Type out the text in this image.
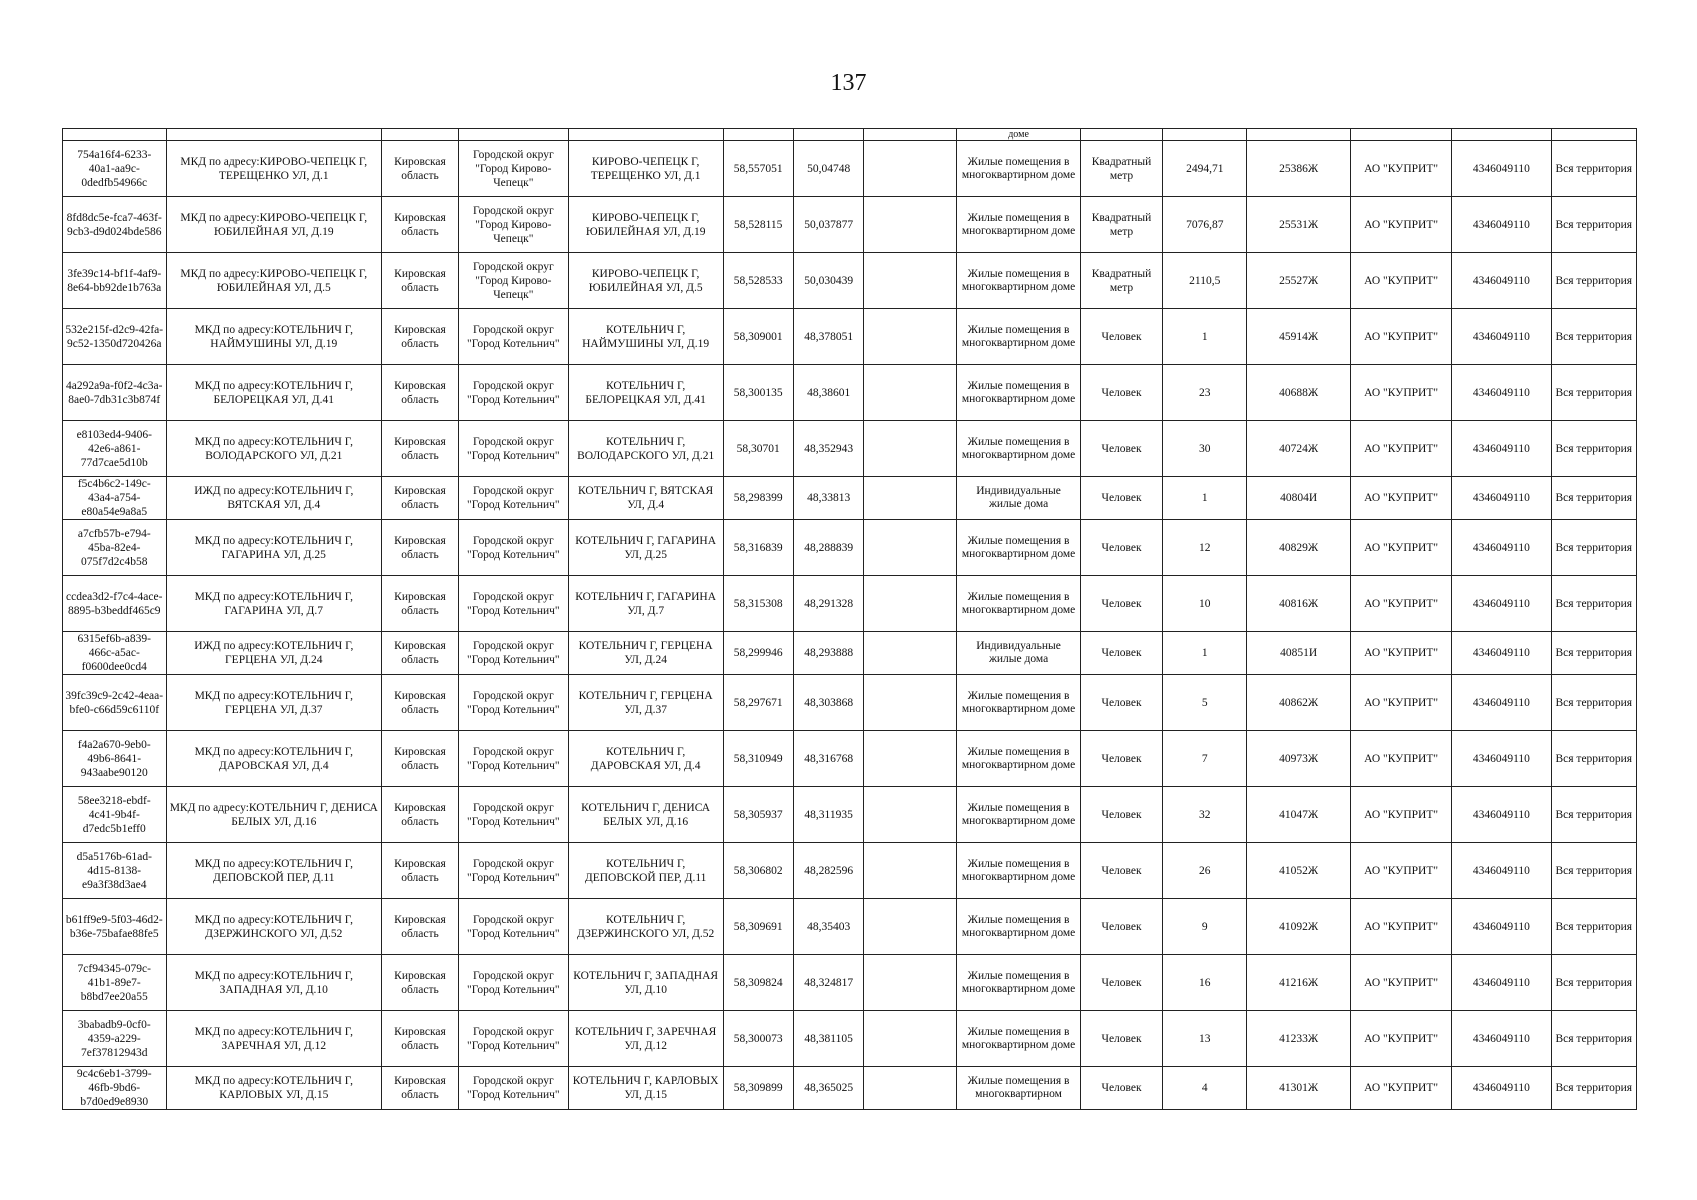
137
								доме						
754a16f4-6233-40a1-aa9c-0dedfb54966c	МКД по адресу:КИРОВО-ЧЕПЕЦК Г, ТЕРЕЩЕНКО УЛ, Д.1	Кировская область	Городской округ "Город Кирово-Чепецк"	КИРОВО-ЧЕПЕЦК Г, ТЕРЕЩЕНКО УЛ, Д.1	58,557051	50,04748		Жилые помещения в многоквартирном доме	Квадратный метр	2494,71	25386Ж	АО "КУПРИТ"	4346049110	Вся территория
8fd8dc5e-fca7-463f-9cb3-d9d024bde586	МКД по адресу:КИРОВО-ЧЕПЕЦК Г, ЮБИЛЕЙНАЯ УЛ, Д.19	Кировская область	Городской округ "Город Кирово-Чепецк"	КИРОВО-ЧЕПЕЦК Г, ЮБИЛЕЙНАЯ УЛ, Д.19	58,528115	50,037877		Жилые помещения в многоквартирном доме	Квадратный метр	7076,87	25531Ж	АО "КУПРИТ"	4346049110	Вся территория
3fe39c14-bf1f-4af9-8e64-bb92de1b763a	МКД по адресу:КИРОВО-ЧЕПЕЦК Г, ЮБИЛЕЙНАЯ УЛ, Д.5	Кировская область	Городской округ "Город Кирово-Чепецк"	КИРОВО-ЧЕПЕЦК Г, ЮБИЛЕЙНАЯ УЛ, Д.5	58,528533	50,030439		Жилые помещения в многоквартирном доме	Квадратный метр	2110,5	25527Ж	АО "КУПРИТ"	4346049110	Вся территория
532e215f-d2c9-42fa-9c52-1350d720426a	МКД по адресу:КОТЕЛЬНИЧ Г, НАЙМУШИНЫ УЛ, Д.19	Кировская область	Городской округ "Город Котельнич"	КОТЕЛЬНИЧ Г, НАЙМУШИНЫ УЛ, Д.19	58,309001	48,378051		Жилые помещения в многоквартирном доме	Человек	1	45914Ж	АО "КУПРИТ"	4346049110	Вся территория
4a292a9a-f0f2-4c3a-8ae0-7db31c3b874f	МКД по адресу:КОТЕЛЬНИЧ Г, БЕЛОРЕЦКАЯ УЛ, Д.41	Кировская область	Городской округ "Город Котельнич"	КОТЕЛЬНИЧ Г, БЕЛОРЕЦКАЯ УЛ, Д.41	58,300135	48,38601		Жилые помещения в многоквартирном доме	Человек	23	40688Ж	АО "КУПРИТ"	4346049110	Вся территория
e8103ed4-9406-42e6-a861-77d7cae5d10b	МКД по адресу:КОТЕЛЬНИЧ Г, ВОЛОДАРСКОГО УЛ, Д.21	Кировская область	Городской округ "Город Котельнич"	КОТЕЛЬНИЧ Г, ВОЛОДАРСКОГО УЛ, Д.21	58,30701	48,352943		Жилые помещения в многоквартирном доме	Человек	30	40724Ж	АО "КУПРИТ"	4346049110	Вся территория
f5c4b6c2-149c-43a4-a754-e80a54e9a8a5	ИЖД по адресу:КОТЕЛЬНИЧ Г, ВЯТСКАЯ УЛ, Д.4	Кировская область	Городской округ "Город Котельнич"	КОТЕЛЬНИЧ Г, ВЯТСКАЯ УЛ, Д.4	58,298399	48,33813		Индивидуальные жилые дома	Человек	1	40804И	АО "КУПРИТ"	4346049110	Вся территория
a7cfb57b-e794-45ba-82e4-075f7d2c4b58	МКД по адресу:КОТЕЛЬНИЧ Г, ГАГАРИНА УЛ, Д.25	Кировская область	Городской округ "Город Котельнич"	КОТЕЛЬНИЧ Г, ГАГАРИНА УЛ, Д.25	58,316839	48,288839		Жилые помещения в многоквартирном доме	Человек	12	40829Ж	АО "КУПРИТ"	4346049110	Вся территория
ccdea3d2-f7c4-4ace-8895-b3beddf465c9	МКД по адресу:КОТЕЛЬНИЧ Г, ГАГАРИНА УЛ, Д.7	Кировская область	Городской округ "Город Котельнич"	КОТЕЛЬНИЧ Г, ГАГАРИНА УЛ, Д.7	58,315308	48,291328		Жилые помещения в многоквартирном доме	Человек	10	40816Ж	АО "КУПРИТ"	4346049110	Вся территория
6315ef6b-a839-466c-a5ac-f0600dee0cd4	ИЖД по адресу:КОТЕЛЬНИЧ Г, ГЕРЦЕНА УЛ, Д.24	Кировская область	Городской округ "Город Котельнич"	КОТЕЛЬНИЧ Г, ГЕРЦЕНА УЛ, Д.24	58,299946	48,293888		Индивидуальные жилые дома	Человек	1	40851И	АО "КУПРИТ"	4346049110	Вся территория
39fc39c9-2c42-4eaa-bfe0-c66d59c6110f	МКД по адресу:КОТЕЛЬНИЧ Г, ГЕРЦЕНА УЛ, Д.37	Кировская область	Городской округ "Город Котельнич"	КОТЕЛЬНИЧ Г, ГЕРЦЕНА УЛ, Д.37	58,297671	48,303868		Жилые помещения в многоквартирном доме	Человек	5	40862Ж	АО "КУПРИТ"	4346049110	Вся территория
f4a2a670-9eb0-49b6-8641-943aabe90120	МКД по адресу:КОТЕЛЬНИЧ Г, ДАРОВСКАЯ УЛ, Д.4	Кировская область	Городской округ "Город Котельнич"	КОТЕЛЬНИЧ Г, ДАРОВСКАЯ УЛ, Д.4	58,310949	48,316768		Жилые помещения в многоквартирном доме	Человек	7	40973Ж	АО "КУПРИТ"	4346049110	Вся территория
58ee3218-ebdf-4c41-9b4f-d7edc5b1eff0	МКД по адресу:КОТЕЛЬНИЧ Г, ДЕНИСА БЕЛЫХ УЛ, Д.16	Кировская область	Городской округ "Город Котельнич"	КОТЕЛЬНИЧ Г, ДЕНИСА БЕЛЫХ УЛ, Д.16	58,305937	48,311935		Жилые помещения в многоквартирном доме	Человек	32	41047Ж	АО "КУПРИТ"	4346049110	Вся территория
d5a5176b-61ad-4d15-8138-e9a3f38d3ae4	МКД по адресу:КОТЕЛЬНИЧ Г, ДЕПОВСКОЙ ПЕР, Д.11	Кировская область	Городской округ "Город Котельнич"	КОТЕЛЬНИЧ Г, ДЕПОВСКОЙ ПЕР, Д.11	58,306802	48,282596		Жилые помещения в многоквартирном доме	Человек	26	41052Ж	АО "КУПРИТ"	4346049110	Вся территория
b61ff9e9-5f03-46d2-b36e-75bafae88fe5	МКД по адресу:КОТЕЛЬНИЧ Г, ДЗЕРЖИНСКОГО УЛ, Д.52	Кировская область	Городской округ "Город Котельнич"	КОТЕЛЬНИЧ Г, ДЗЕРЖИНСКОГО УЛ, Д.52	58,309691	48,35403		Жилые помещения в многоквартирном доме	Человек	9	41092Ж	АО "КУПРИТ"	4346049110	Вся территория
7cf94345-079c-41b1-89e7-b8bd7ee20a55	МКД по адресу:КОТЕЛЬНИЧ Г, ЗАПАДНАЯ УЛ, Д.10	Кировская область	Городской округ "Город Котельнич"	КОТЕЛЬНИЧ Г, ЗАПАДНАЯ УЛ, Д.10	58,309824	48,324817		Жилые помещения в многоквартирном доме	Человек	16	41216Ж	АО "КУПРИТ"	4346049110	Вся территория
3babadb9-0cf0-4359-a229-7ef37812943d	МКД по адресу:КОТЕЛЬНИЧ Г, ЗАРЕЧНАЯ УЛ, Д.12	Кировская область	Городской округ "Город Котельнич"	КОТЕЛЬНИЧ Г, ЗАРЕЧНАЯ УЛ, Д.12	58,300073	48,381105		Жилые помещения в многоквартирном доме	Человек	13	41233Ж	АО "КУПРИТ"	4346049110	Вся территория
9c4c6eb1-3799-46fb-9bd6-b7d0ed9e8930	МКД по адресу:КОТЕЛЬНИЧ Г, КАРЛОВЫХ УЛ, Д.15	Кировская область	Городской округ "Город Котельнич"	КОТЕЛЬНИЧ Г, КАРЛОВЫХ УЛ, Д.15	58,309899	48,365025		Жилые помещения в многоквартирном	Человек	4	41301Ж	АО "КУПРИТ"	4346049110	Вся территория
